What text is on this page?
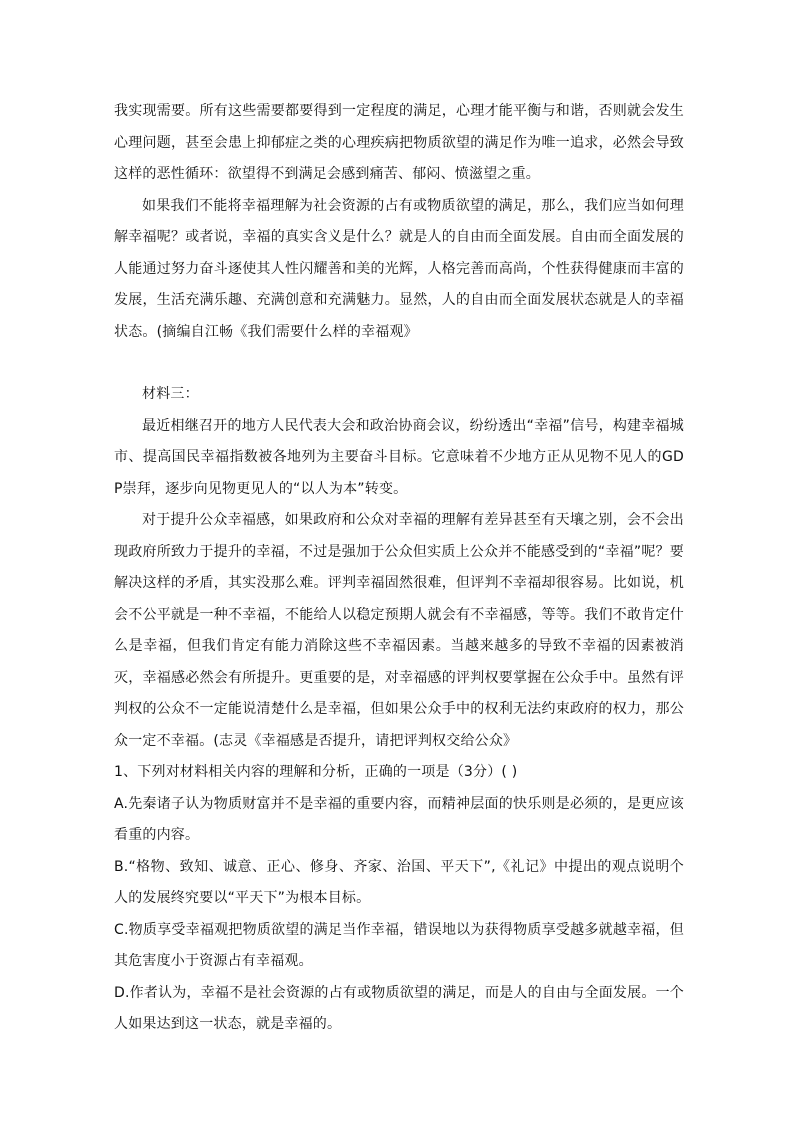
我实现需要。所有这些需要都要得到一定程度的满足，心理才能平衡与和谐，否则就会发生心理问题，甚至会患上抑郁症之类的心理疾病把物质欲望的满足作为唯一追求，必然会导致这样的恶性循环：欲望得不到满足会感到痛苦、郁闷、愤滋望之重。

如果我们不能将幸福理解为社会资源的占有或物质欲望的满足，那么，我们应当如何理解幸福呢？或者说，幸福的真实含义是什么？就是人的自由而全面发展。自由而全面发展的人能通过努力奋斗逐使其人性闪耀善和美的光辉，人格完善而高尚，个性获得健康而丰富的发展，生活充满乐趣、充满创意和充满魅力。显然，人的自由而全面发展状态就是人的幸福状态。(摘编自江畅《我们需要什么样的幸福观》

材料三：

最近相继召开的地方人民代表大会和政治协商会议，纷纷透出“幸福”信号，构建幸福城市、提高国民幸福指数被各地列为主要奋斗目标。它意味着不少地方正从见物不见人的GDP崇拜，逐步向见物更见人的“以人为本”转变。

对于提升公众幸福感，如果政府和公众对幸福的理解有差异甚至有天壤之别，会不会出现政府所致力于提升的幸福，不过是强加于公众但实质上公众并不能感受到的“幸福”呢？要解决这样的矛盾，其实没那么难。评判幸福固然很难，但评判不幸福却很容易。比如说，机会不公平就是一种不幸福，不能给人以稳定预期人就会有不幸福感，等等。我们不敢肯定什么是幸福，但我们肯定有能力消除这些不幸福因素。当越来越多的导致不幸福的因素被消灭，幸福感必然会有所提升。更重要的是，对幸福感的评判权要掌握在公众手中。虽然有评判权的公众不一定能说清楚什么是幸福，但如果公众手中的权利无法约束政府的权力，那公众一定不幸福。(志灵《幸福感是否提升，请把评判权交给公众》

1、下列对材料相关内容的理解和分析，正确的一项是（3分）( )

A.先秦诸子认为物质财富并不是幸福的重要内容，而精神层面的快乐则是必须的，是更应该看重的内容。

B.“格物、致知、诚意、正心、修身、齐家、治国、平天下”,《礼记》中提出的观点说明个人的发展终究要以“平天下”为根本目标。

C.物质享受幸福观把物质欲望的满足当作幸福，错误地以为获得物质享受越多就越幸福，但其危害度小于资源占有幸福观。

D.作者认为，幸福不是社会资源的占有或物质欲望的满足，而是人的自由与全面发展。一个人如果达到这一状态，就是幸福的。
